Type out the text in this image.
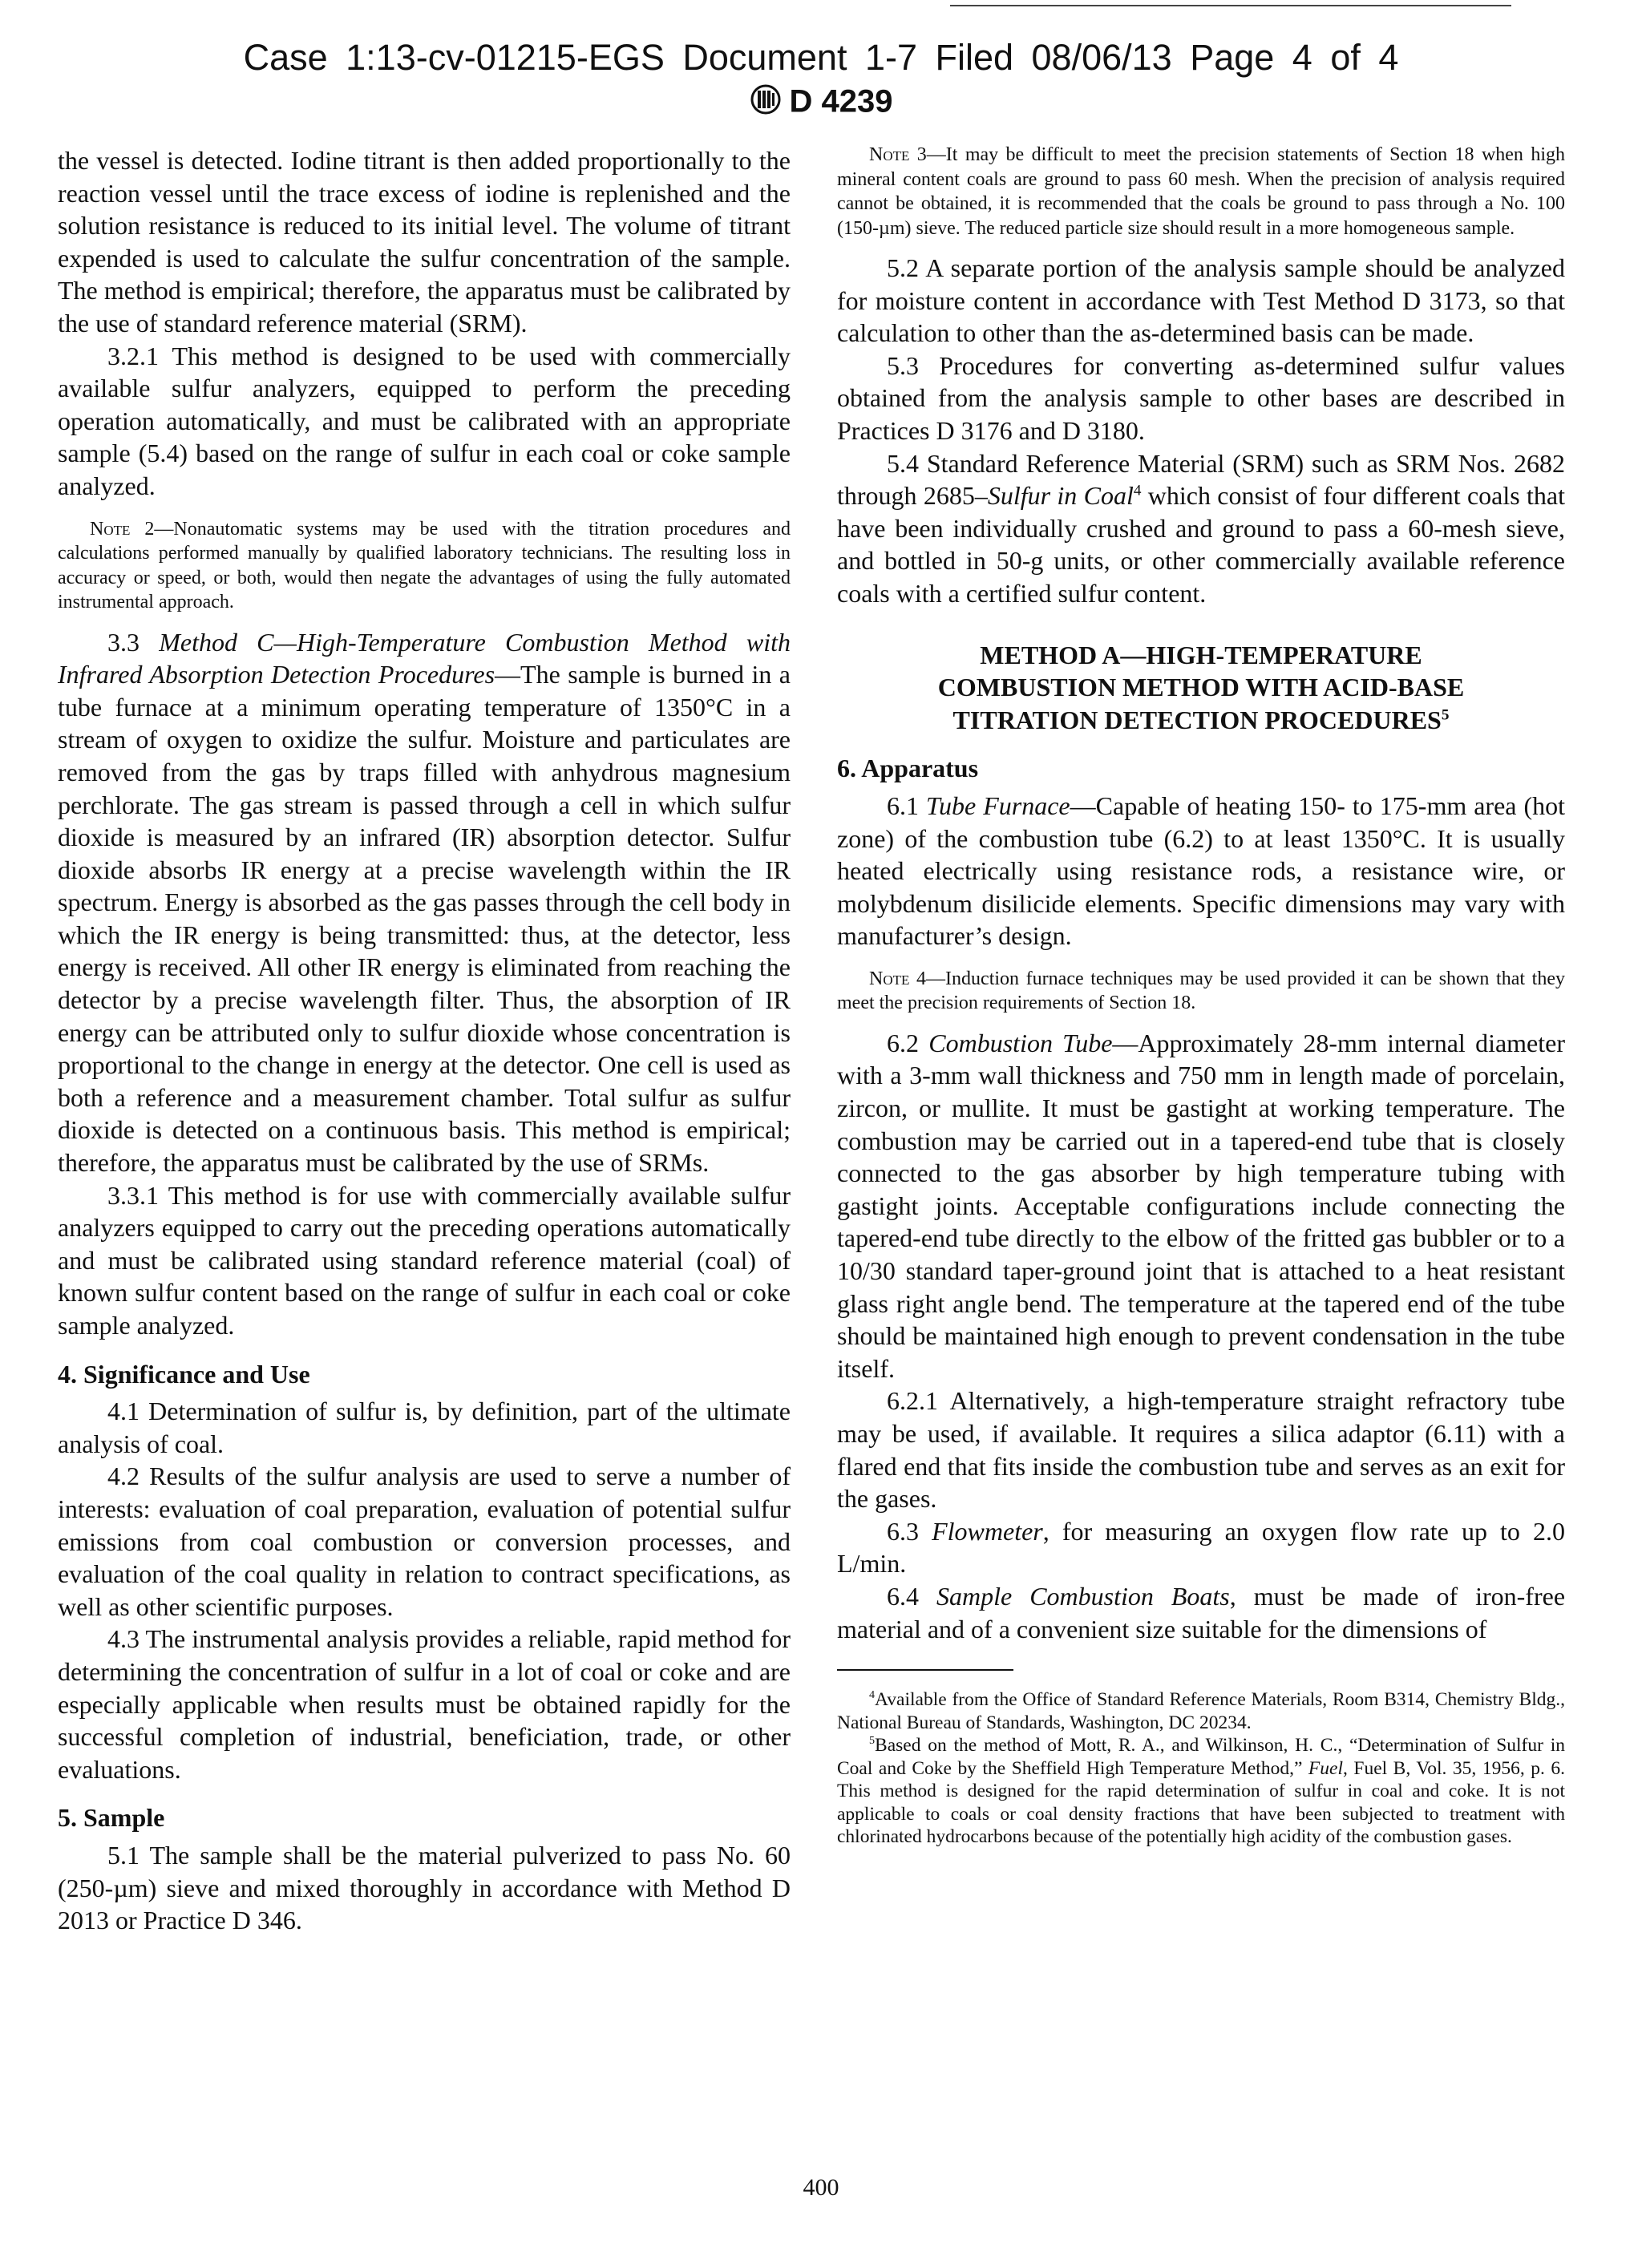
Case 1:13-cv-01215-EGS Document 1-7 Filed 08/06/13 Page 4 of 4
D 4239

the vessel is detected. Iodine titrant is then added proportionally to the reaction vessel until the trace excess of iodine is replenished and the solution resistance is reduced to its initial level. The volume of titrant expended is used to calculate the sulfur concentration of the sample. The method is empirical; therefore, the apparatus must be calibrated by the use of standard reference material (SRM).

3.2.1 This method is designed to be used with commercially available sulfur analyzers, equipped to perform the preceding operation automatically, and must be calibrated with an appropriate sample (5.4) based on the range of sulfur in each coal or coke sample analyzed.

Note 2—Nonautomatic systems may be used with the titration procedures and calculations performed manually by qualified laboratory technicians. The resulting loss in accuracy or speed, or both, would then negate the advantages of using the fully automated instrumental approach.

3.3 Method C—High-Temperature Combustion Method with Infrared Absorption Detection Procedures—The sample is burned in a tube furnace at a minimum operating temperature of 1350°C in a stream of oxygen to oxidize the sulfur. Moisture and particulates are removed from the gas by traps filled with anhydrous magnesium perchlorate. The gas stream is passed through a cell in which sulfur dioxide is measured by an infrared (IR) absorption detector. Sulfur dioxide absorbs IR energy at a precise wavelength within the IR spectrum. Energy is absorbed as the gas passes through the cell body in which the IR energy is being transmitted: thus, at the detector, less energy is received. All other IR energy is eliminated from reaching the detector by a precise wavelength filter. Thus, the absorption of IR energy can be attributed only to sulfur dioxide whose concentration is proportional to the change in energy at the detector. One cell is used as both a reference and a measurement chamber. Total sulfur as sulfur dioxide is detected on a continuous basis. This method is empirical; therefore, the apparatus must be calibrated by the use of SRMs.

3.3.1 This method is for use with commercially available sulfur analyzers equipped to carry out the preceding operations automatically and must be calibrated using standard reference material (coal) of known sulfur content based on the range of sulfur in each coal or coke sample analyzed.

4. Significance and Use

4.1 Determination of sulfur is, by definition, part of the ultimate analysis of coal.

4.2 Results of the sulfur analysis are used to serve a number of interests: evaluation of coal preparation, evaluation of potential sulfur emissions from coal combustion or conversion processes, and evaluation of the coal quality in relation to contract specifications, as well as other scientific purposes.

4.3 The instrumental analysis provides a reliable, rapid method for determining the concentration of sulfur in a lot of coal or coke and are especially applicable when results must be obtained rapidly for the successful completion of industrial, beneficiation, trade, or other evaluations.

5. Sample

5.1 The sample shall be the material pulverized to pass No. 60 (250-µm) sieve and mixed thoroughly in accordance with Method D 2013 or Practice D 346.

Note 3—It may be difficult to meet the precision statements of Section 18 when high mineral content coals are ground to pass 60 mesh. When the precision of analysis required cannot be obtained, it is recommended that the coals be ground to pass through a No. 100 (150-µm) sieve. The reduced particle size should result in a more homogeneous sample.

5.2 A separate portion of the analysis sample should be analyzed for moisture content in accordance with Test Method D 3173, so that calculation to other than the as-determined basis can be made.

5.3 Procedures for converting as-determined sulfur values obtained from the analysis sample to other bases are described in Practices D 3176 and D 3180.

5.4 Standard Reference Material (SRM) such as SRM Nos. 2682 through 2685–Sulfur in Coal$^4$ which consist of four different coals that have been individually crushed and ground to pass a 60-mesh sieve, and bottled in 50-g units, or other commercially available reference coals with a certified sulfur content.

METHOD A—HIGH-TEMPERATURE COMBUSTION METHOD WITH ACID-BASE TITRATION DETECTION PROCEDURES$^5$

6. Apparatus

6.1 Tube Furnace—Capable of heating 150- to 175-mm area (hot zone) of the combustion tube (6.2) to at least 1350°C. It is usually heated electrically using resistance rods, a resistance wire, or molybdenum disilicide elements. Specific dimensions may vary with manufacturer’s design.

Note 4—Induction furnace techniques may be used provided it can be shown that they meet the precision requirements of Section 18.

6.2 Combustion Tube—Approximately 28-mm internal diameter with a 3-mm wall thickness and 750 mm in length made of porcelain, zircon, or mullite. It must be gastight at working temperature. The combustion may be carried out in a tapered-end tube that is closely connected to the gas absorber by high temperature tubing with gastight joints. Acceptable configurations include connecting the tapered-end tube directly to the elbow of the fritted gas bubbler or to a 10/30 standard taper-ground joint that is attached to a heat resistant glass right angle bend. The temperature at the tapered end of the tube should be maintained high enough to prevent condensation in the tube itself.

6.2.1 Alternatively, a high-temperature straight refractory tube may be used, if available. It requires a silica adaptor (6.11) with a flared end that fits inside the combustion tube and serves as an exit for the gases.

6.3 Flowmeter, for measuring an oxygen flow rate up to 2.0 L/min.

6.4 Sample Combustion Boats, must be made of iron-free material and of a convenient size suitable for the dimensions of

$^4$Available from the Office of Standard Reference Materials, Room B314, Chemistry Bldg., National Bureau of Standards, Washington, DC 20234.

$^5$Based on the method of Mott, R. A., and Wilkinson, H. C., “Determination of Sulfur in Coal and Coke by the Sheffield High Temperature Method,” Fuel, Fuel B, Vol. 35, 1956, p. 6. This method is designed for the rapid determination of sulfur in coal and coke. It is not applicable to coals or coal density fractions that have been subjected to treatment with chlorinated hydrocarbons because of the potentially high acidity of the combustion gases.

400
